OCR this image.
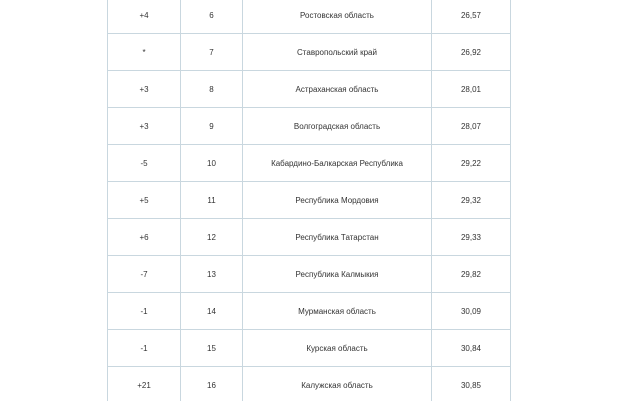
+4	6	Ростовская область	26,57
*	7	Ставропольский край	26,92
+3	8	Астраханская область	28,01
+3	9	Волгоградская область	28,07
-5	10	Кабардино-Балкарская Республика	29,22
+5	11	Республика Мордовия	29,32
+6	12	Республика Татарстан	29,33
-7	13	Республика Калмыкия	29,82
-1	14	Мурманская область	30,09
-1	15	Курская область	30,84
+21	16	Калужская область	30,85
